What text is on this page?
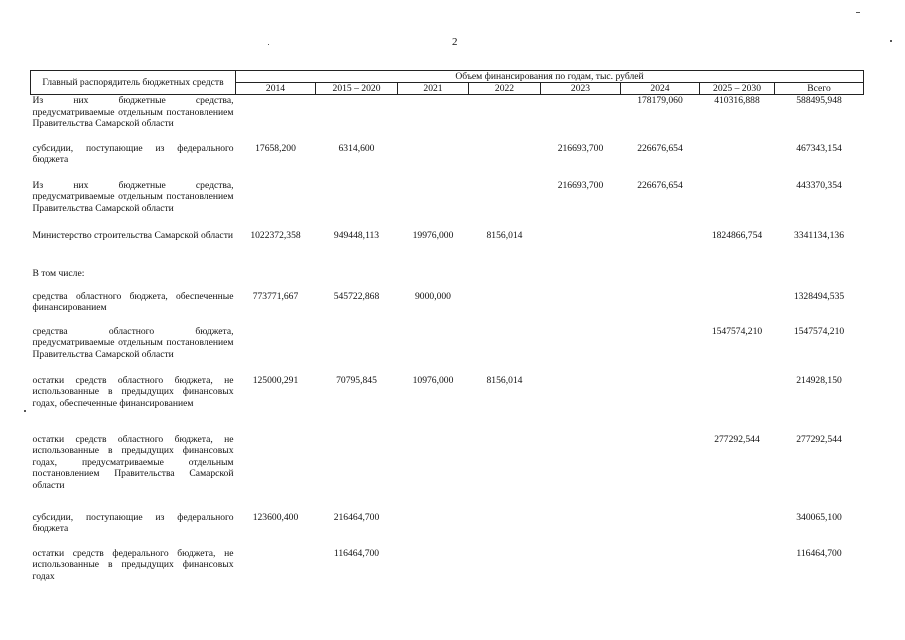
2
Главный распорядитель бюджетных средств	Объем финансирования по годам, тыс. рублей							
	2014	2015 – 2020	2021	2022	2023	2024	2025 – 2030	Всего
Из них бюджетные средства, предусматриваемые отдельным постановлением Правительства Самарской области						178179,060	410316,888	588495,948
субсидии, поступающие из федерального бюджета	17658,200	6314,600			216693,700	226676,654		467343,154
Из них бюджетные средства, предусматриваемые отдельным постановлением Правительства Самарской области					216693,700	226676,654		443370,354
Министерство строительства Самарской области	1022372,358	949448,113	19976,000	8156,014			1824866,754	3341134,136
В том числе:								
средства областного бюджета, обеспеченные финансированием	773771,667	545722,868	9000,000					1328494,535
средства областного бюджета, предусматриваемые отдельным постановлением Правительства Самарской области							1547574,210	1547574,210
остатки средств областного бюджета, не использованные в предыдущих финансовых годах, обеспеченные финансированием	125000,291	70795,845	10976,000	8156,014				214928,150
остатки средств областного бюджета, не использованные в предыдущих финансовых годах, предусматриваемые отдельным постановлением Правительства Самарской области							277292,544	277292,544
субсидии, поступающие из федерального бюджета	123600,400	216464,700						340065,100
остатки средств федерального бюджета, не использованные в предыдущих финансовых годах		116464,700						116464,700
